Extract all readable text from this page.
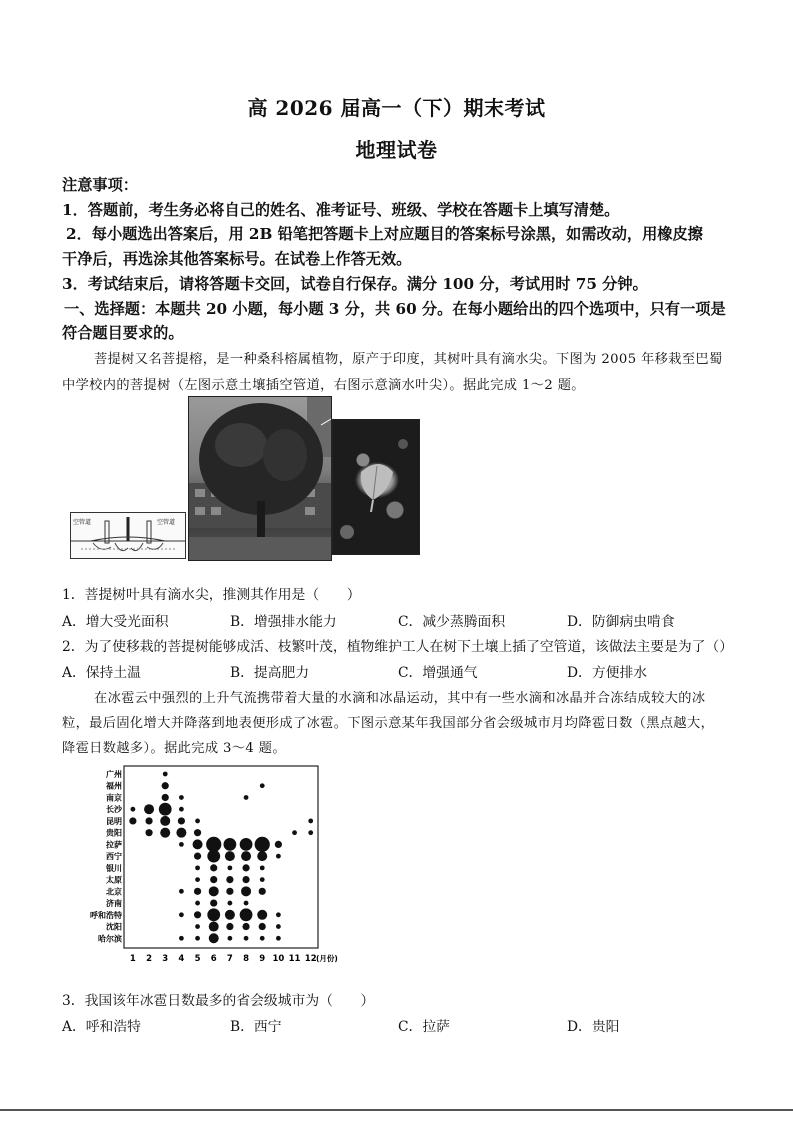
高 2026 届高一（下）期末考试
地理试卷
注意事项：
1．答题前，考生务必将自己的姓名、准考证号、班级、学校在答题卡上填写清楚。
2．每小题选出答案后，用 2B 铅笔把答题卡上对应题目的答案标号涂黑，如需改动，用橡皮擦
干净后，再选涂其他答案标号。在试卷上作答无效。
3．考试结束后，请将答题卡交回，试卷自行保存。满分 100 分，考试用时 75 分钟。
一、选择题：本题共 20 小题，每小题 3 分，共 60 分。在每小题给出的四个选项中，只有一项是
符合题目要求的。
菩提树又名菩提榕，是一种桑科榕属植物，原产于印度，其树叶具有滴水尖。下图为 2005 年移栽至巴蜀
中学校内的菩提树（左图示意土壤插空管道，右图示意滴水叶尖）。据此完成 1～2 题。
空管道	空管道
1．菩提树叶具有滴水尖，推测其作用是（　　）
A．增大受光面积	B．增强排水能力	C．减少蒸腾面积	D．防御病虫啃食
2．为了使移栽的菩提树能够成活、枝繁叶茂，植物维护工人在树下土壤上插了空管道，该做法主要是为了（）
A．保持土温	B．提高肥力	C．增强通气	D．方便排水
在冰雹云中强烈的上升气流携带着大量的水滴和冰晶运动，其中有一些水滴和冰晶并合冻结成较大的冰
粒，最后固化增大并降落到地表便形成了冰雹。下图示意某年我国部分省会级城市月均降雹日数（黑点越大，
降雹日数越多）。据此完成 3～4 题。
广州
福州
南京
长沙
昆明
贵阳
拉萨
西宁
银川
太原
北京
济南
呼和浩特
沈阳
哈尔滨
1 2 3 4 5 6 7 8 9 10 11 12 (月份)
3．我国该年冰雹日数最多的省会级城市为（　　）
A．呼和浩特	B．西宁	C．拉萨	D．贵阳
